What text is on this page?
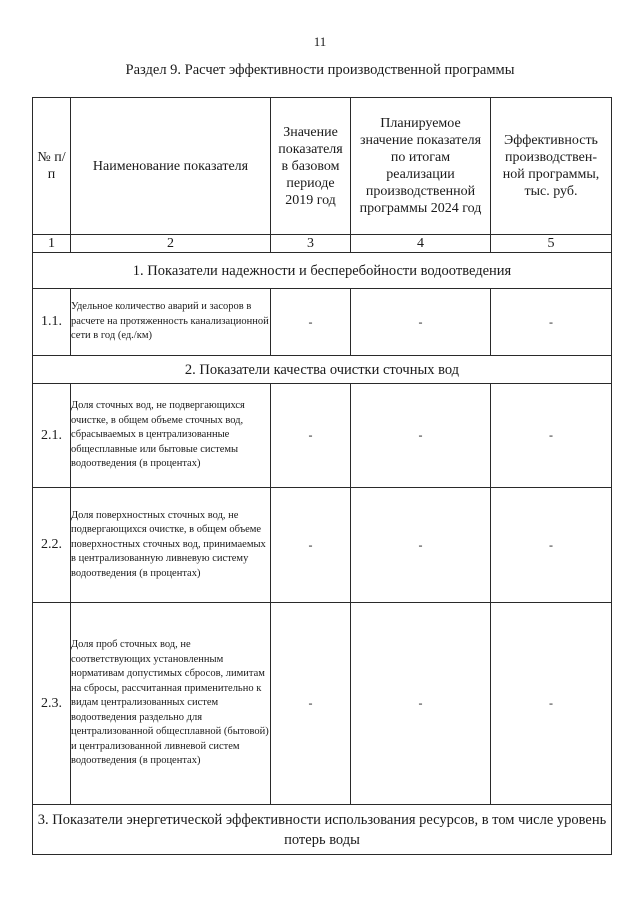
11
Раздел 9. Расчет эффективности производственной программы
№ п/п	Наименование показателя	Значение показателя в базовом периоде 2019 год	Планируемое значение показателя по итогам реализации производственной программы 2024 год	Эффективность производствен-ной программы, тыс. руб.
1	2	3	4	5
1. Показатели надежности и бесперебойности водоотведения				
1.1.	Удельное количество аварий и засоров в расчете на протяженность канализационной сети в год (ед./км)	-	-	-
2. Показатели качества очистки сточных вод				
2.1.	Доля сточных вод, не подвергающихся очистке, в общем объеме сточных вод, сбрасываемых в централизованные общесплавные или бытовые системы водоотведения (в процентах)	-	-	-
2.2.	Доля поверхностных сточных вод, не подвергающихся очистке, в общем объеме поверхностных сточных вод, принимаемых в централизованную ливневую систему водоотведения (в процентах)	-	-	-
2.3.	Доля проб сточных вод, не соответствующих установленным нормативам допустимых сбросов, лимитам на сбросы, рассчитанная применительно к видам централизованных систем водоотведения раздельно для централизованной общесплавной (бытовой) и централизованной ливневой систем водоотведения (в процентах)	-	-	-
3. Показатели энергетической эффективности использования ресурсов, в том числе уровень потерь воды				
